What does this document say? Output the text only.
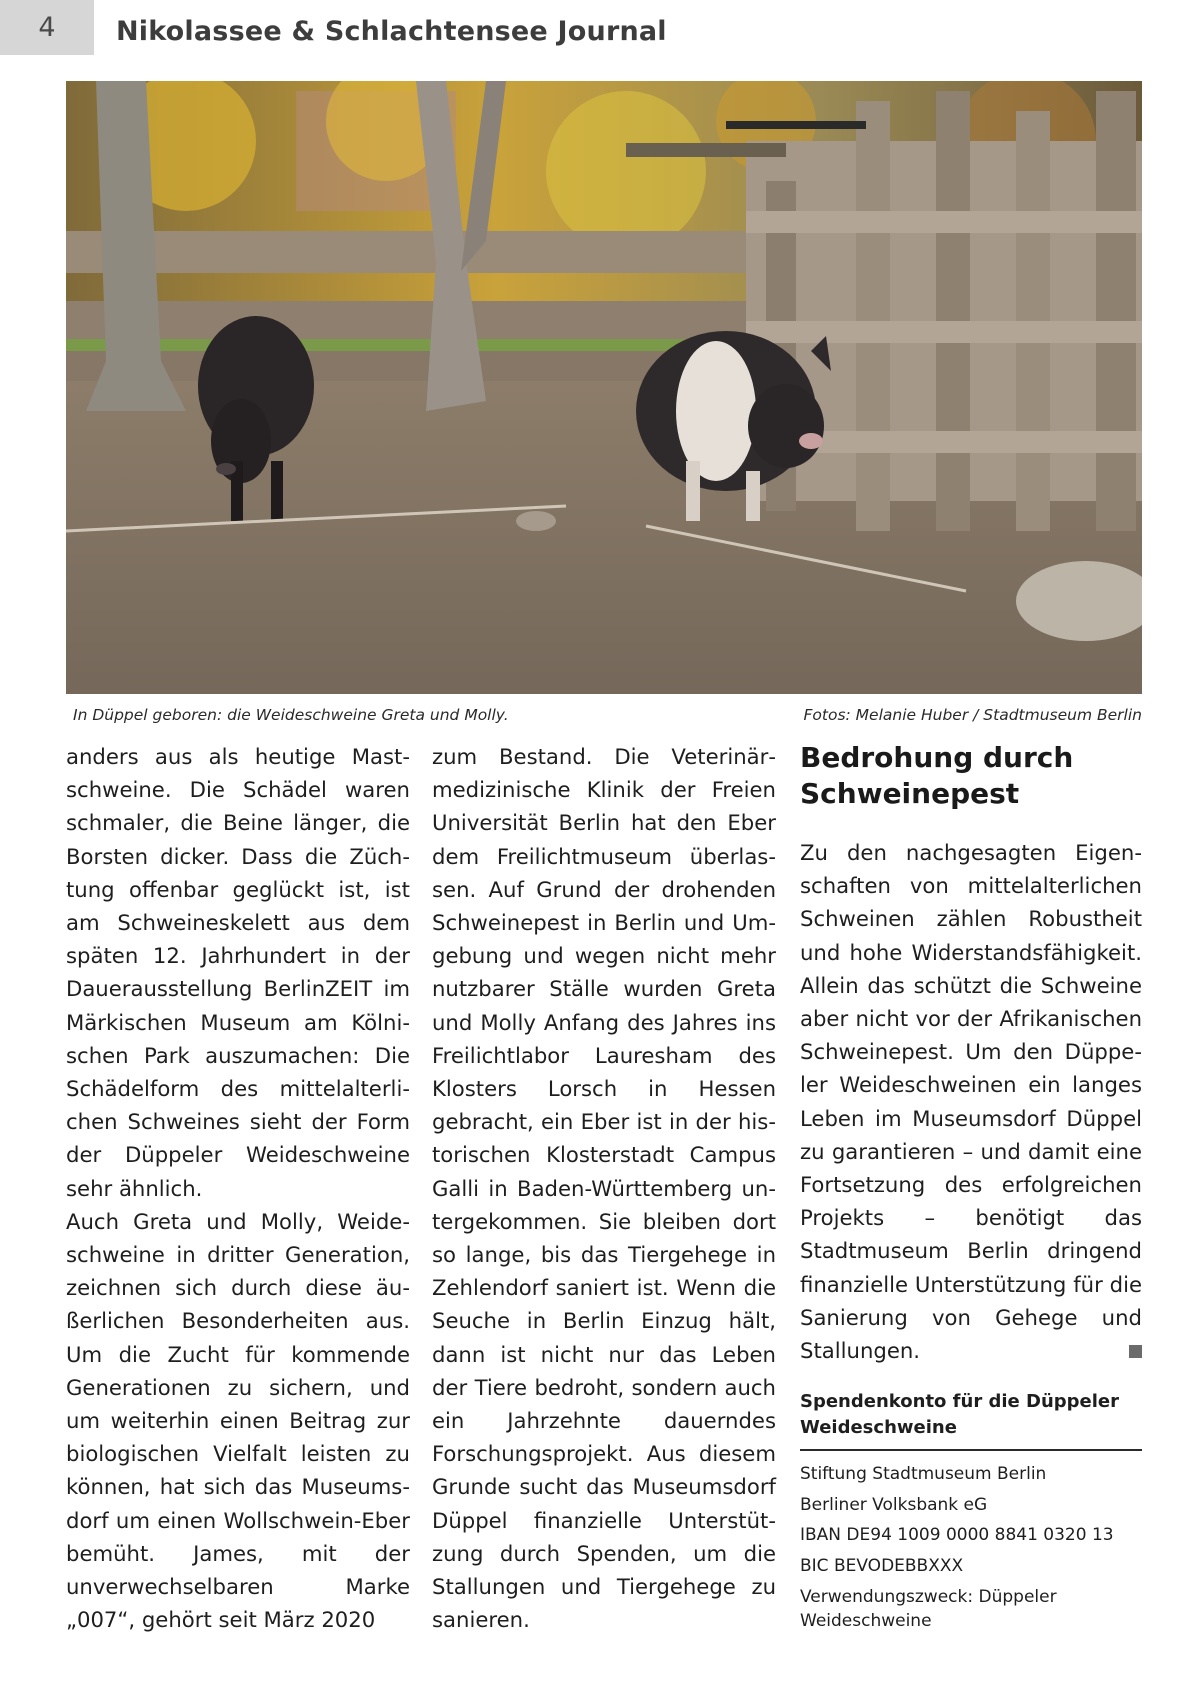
4	Nikolassee & Schlachtensee Journal
In Düppel geboren: die Weideschweine Greta und Molly.	Fotos: Melanie Huber / Stadtmuseum Berlin

anders aus als heutige Mastschweine. Die Schädel waren schmaler, die Beine länger, die Borsten dicker. Dass die Züchtung offenbar geglückt ist, ist am Schweineskelett aus dem späten 12. Jahrhundert in der Dauerausstellung BerlinZEIT im Märkischen Museum am Kölnischen Park auszumachen: Die Schädelform des mittelalterlichen Schweines sieht der Form der Düppeler Weideschweine sehr ähnlich.

Auch Greta und Molly, Weideschweine in dritter Generation, zeichnen sich durch diese äußerlichen Besonderheiten aus. Um die Zucht für kommende Generationen zu sichern, und um weiterhin einen Beitrag zur biologischen Vielfalt leisten zu können, hat sich das Museumsdorf um einen Wollschwein-Eber bemüht. James, mit der unverwechselbaren Marke „007“, gehört seit März 2020

zum Bestand. Die Veterinärmedizinische Klinik der Freien Universität Berlin hat den Eber dem Freilichtmuseum überlassen. Auf Grund der drohenden Schweinepest in Berlin und Umgebung und wegen nicht mehr nutzbarer Ställe wurden Greta und Molly Anfang des Jahres ins Freilichtlabor Lauresham des Klosters Lorsch in Hessen gebracht, ein Eber ist in der historischen Klosterstadt Campus Galli in Baden-Württemberg untergekommen. Sie bleiben dort so lange, bis das Tiergehege in Zehlendorf saniert ist. Wenn die Seuche in Berlin Einzug hält, dann ist nicht nur das Leben der Tiere bedroht, sondern auch ein Jahrzehnte dauerndes Forschungsprojekt. Aus diesem Grunde sucht das Museumsdorf Düppel finanzielle Unterstützung durch Spenden, um die Stallungen und Tiergehege zu sanieren.

Bedrohung durch Schweinepest

Zu den nachgesagten Eigenschaften von mittelalterlichen Schweinen zählen Robustheit und hohe Widerstandsfähigkeit. Allein das schützt die Schweine aber nicht vor der Afrikanischen Schweinepest. Um den Düppeler Weideschweinen ein langes Leben im Museumsdorf Düppel zu garantieren – und damit eine Fortsetzung des erfolgreichen Projekts – benötigt das Stadtmuseum Berlin dringend finanzielle Unterstützung für die Sanierung von Gehege und Stallungen.

Spendenkonto für die Düppeler Weideschweine
Stiftung Stadtmuseum Berlin
Berliner Volksbank eG
IBAN DE94 1009 0000 8841 0320 13
BIC BEVODEBBXXX
Verwendungszweck: Düppeler Weideschweine
